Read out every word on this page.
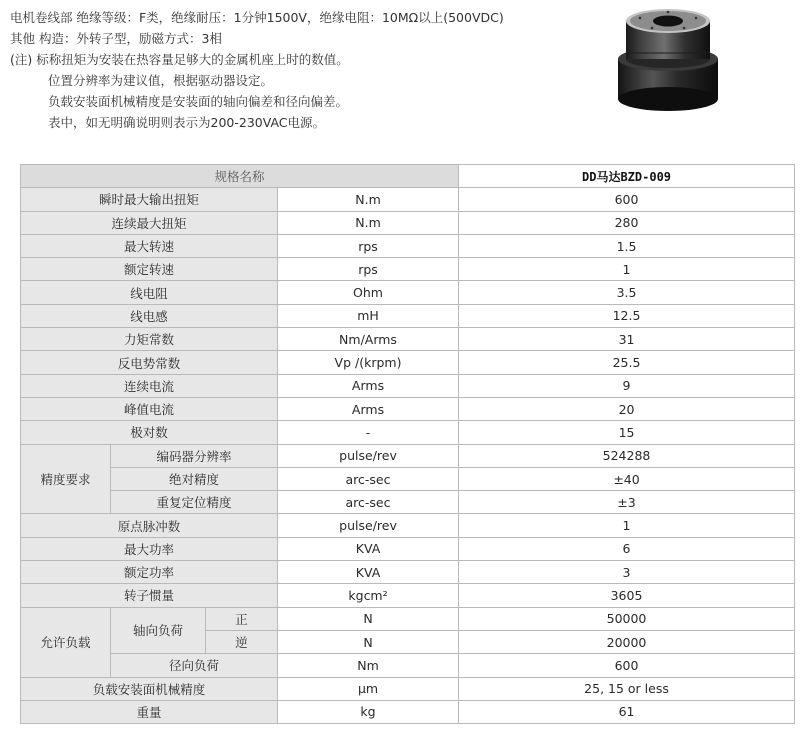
电机卷线部 绝缘等级：F类，绝缘耐压：1分钟1500V，绝缘电阻：10MΩ以上(500VDC)
其他 构造：外转子型，励磁方式：3相
(注) 标称扭矩为安装在热容量足够大的金属机座上时的数值。
位置分辨率为建议值，根据驱动器设定。
负载安装面机械精度是安装面的轴向偏差和径向偏差。
表中，如无明确说明则表示为200-230VAC电源。
规格名称				DD马达BZD-009
瞬时最大输出扭矩			N.m	600
连续最大扭矩			N.m	280
最大转速			rps	1.5
额定转速			rps	1
线电阻			Ohm	3.5
线电感			mH	12.5
力矩常数			Nm/Arms	31
反电势常数			Vp /(krpm)	25.5
连续电流			Arms	9
峰值电流			Arms	20
极对数			-	15
精度要求	编码器分辨率		pulse/rev	524288
	绝对精度		arc-sec	±40
	重复定位精度		arc-sec	±3
原点脉冲数			pulse/rev	1
最大功率			KVA	6
额定功率			KVA	3
转子惯量			kgcm²	3605
允许负载	轴向负荷	正	N	50000
		逆	N	20000
	径向负荷		Nm	600
负载安装面机械精度			μm	25, 15 or less
重量			kg	61
